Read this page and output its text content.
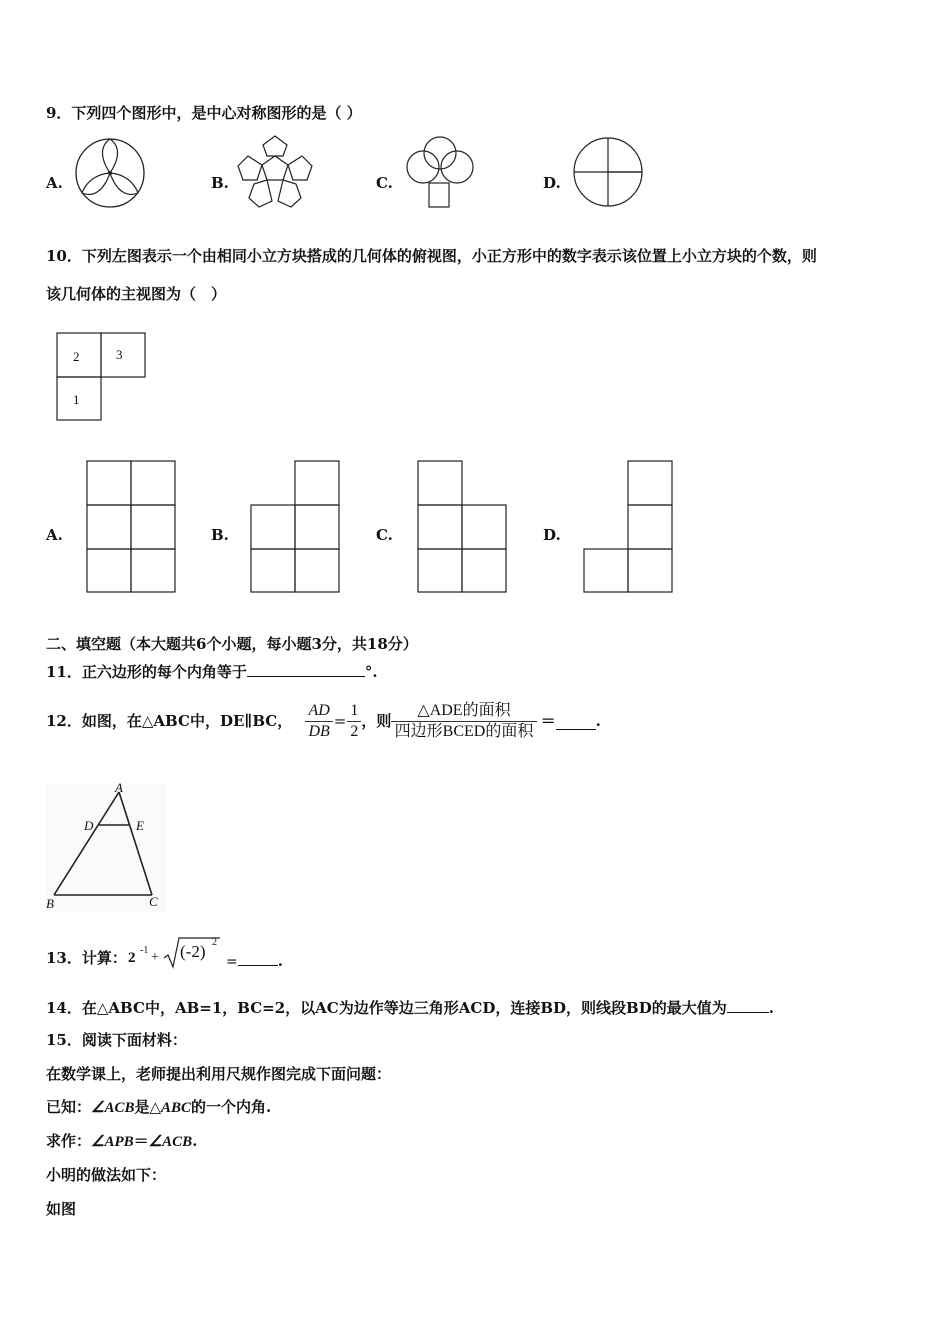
9．下列四个图形中，是中心对称图形的是（ ）
A.	B.	C.	D.
10．下列左图表示一个由相同小立方块搭成的几何体的俯视图，小正方形中的数字表示该位置上小立方块的个数，则
该几何体的主视图为（　）
2	3
1
A.	B.	C.	D.
二、填空题（本大题共6个小题，每小题3分，共18分）
11．正六边形的每个内角等于	°.
12．如图，在△ABC中，DE∥BC， $\frac{AD}{DB} = \frac{1}{2}$ ，则 $\frac{\text{△ADE的面积}}{\text{四边形BCED的面积}}$ ＝	.
A
D	E
B	C
13．计算： 2 -1 + (-2) 2
=	.
14．在△ABC中，AB=1，BC=2，以AC为边作等边三角形ACD，连接BD，则线段BD的最大值为	.
15．阅读下面材料：
在数学课上，老师提出利用尺规作图完成下面问题：
已知：∠ACB是△ABC的一个内角.
求作：∠APB＝∠ACB.
小明的做法如下：
如图
